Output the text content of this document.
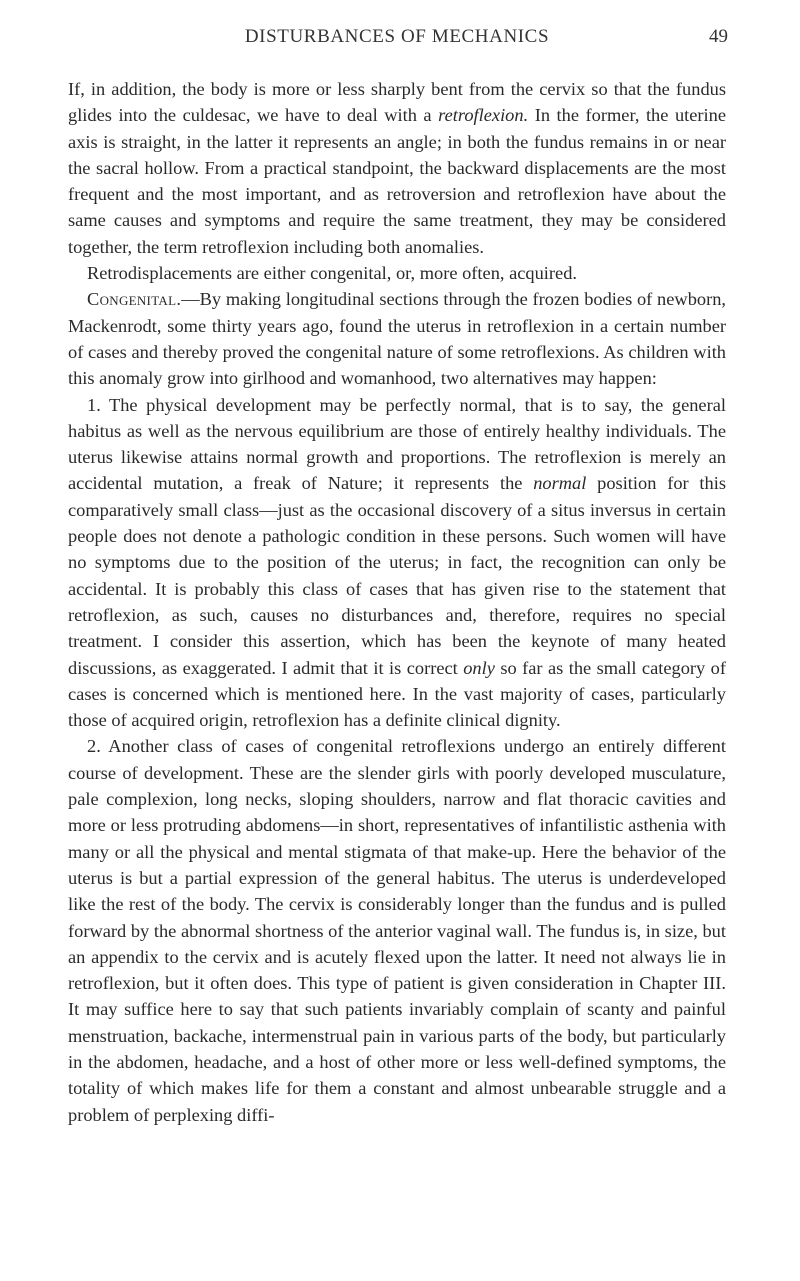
DISTURBANCES OF MECHANICS	49

If, in addition, the body is more or less sharply bent from the cervix so that the fundus glides into the culdesac, we have to deal with a retroflexion. In the former, the uterine axis is straight, in the latter it represents an angle; in both the fundus remains in or near the sacral hollow. From a practical standpoint, the backward displacements are the most frequent and the most important, and as retroversion and retroflexion have about the same causes and symptoms and require the same treatment, they may be considered together, the term retroflexion including both anomalies.

Retrodisplacements are either congenital, or, more often, acquired.

Congenital.—By making longitudinal sections through the frozen bodies of newborn, Mackenrodt, some thirty years ago, found the uterus in retroflexion in a certain number of cases and thereby proved the congenital nature of some retroflexions. As children with this anomaly grow into girlhood and womanhood, two alternatives may happen:

1. The physical development may be perfectly normal, that is to say, the general habitus as well as the nervous equilibrium are those of entirely healthy individuals. The uterus likewise attains normal growth and proportions. The retroflexion is merely an accidental mutation, a freak of Nature; it represents the normal position for this comparatively small class—just as the occasional discovery of a situs inversus in certain people does not denote a pathologic condition in these persons. Such women will have no symptoms due to the position of the uterus; in fact, the recognition can only be accidental. It is probably this class of cases that has given rise to the statement that retroflexion, as such, causes no disturbances and, therefore, requires no special treatment. I consider this assertion, which has been the keynote of many heated discussions, as exaggerated. I admit that it is correct only so far as the small category of cases is concerned which is mentioned here. In the vast majority of cases, particularly those of acquired origin, retroflexion has a definite clinical dignity.

2. Another class of cases of congenital retroflexions undergo an entirely different course of development. These are the slender girls with poorly developed musculature, pale complexion, long necks, sloping shoulders, narrow and flat thoracic cavities and more or less protruding abdomens—in short, representatives of infantilistic asthenia with many or all the physical and mental stigmata of that make-up. Here the behavior of the uterus is but a partial expression of the general habitus. The uterus is underdeveloped like the rest of the body. The cervix is considerably longer than the fundus and is pulled forward by the abnormal shortness of the anterior vaginal wall. The fundus is, in size, but an appendix to the cervix and is acutely flexed upon the latter. It need not always lie in retroflexion, but it often does. This type of patient is given consideration in Chapter III. It may suffice here to say that such patients invariably complain of scanty and painful menstruation, backache, intermenstrual pain in various parts of the body, but particularly in the abdomen, headache, and a host of other more or less well-defined symptoms, the totality of which makes life for them a constant and almost unbearable struggle and a problem of perplexing diffi-
